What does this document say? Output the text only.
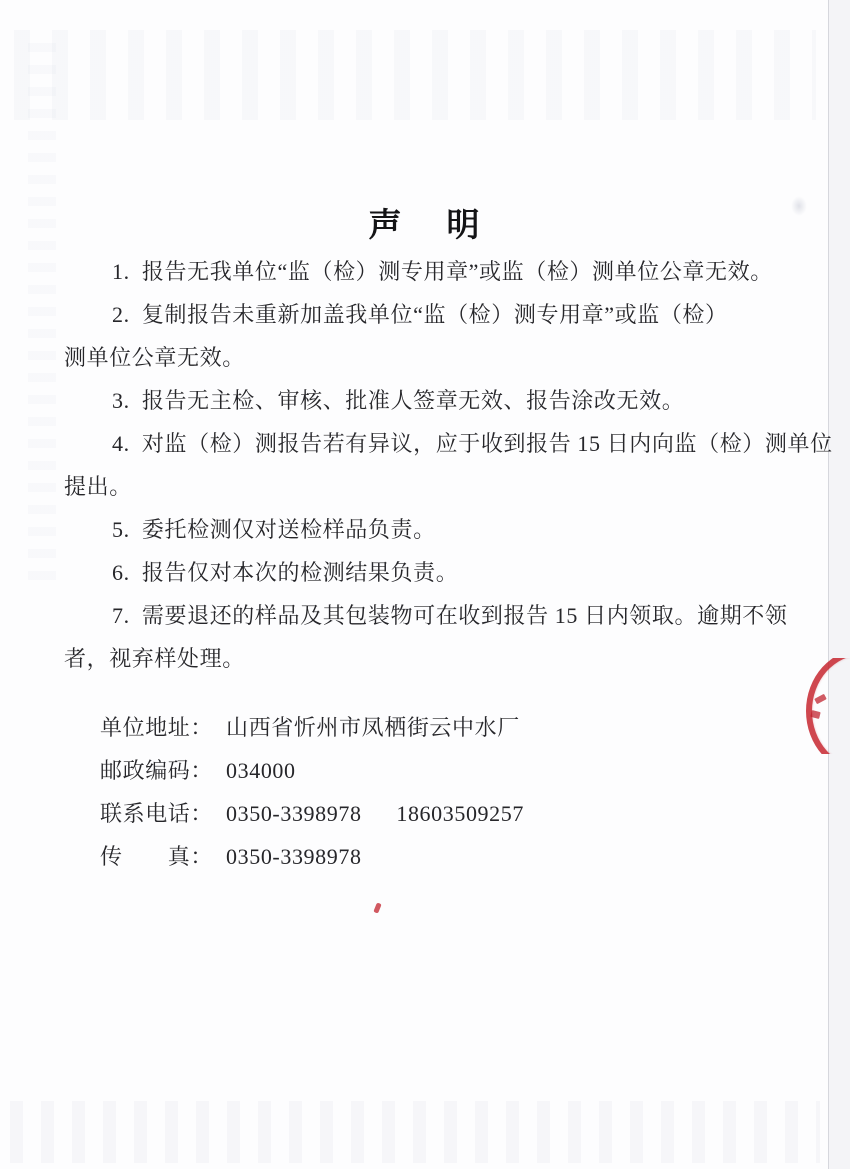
声　明
1.  报告无我单位“监（检）测专用章”或监（检）测单位公章无效。
2.  复制报告未重新加盖我单位“监（检）测专用章”或监（检）
测单位公章无效。
3.  报告无主检、审核、批准人签章无效、报告涂改无效。
4.  对监（检）测报告若有异议，应于收到报告 15 日内向监（检）测单位
提出。
5.  委托检测仅对送检样品负责。
6.  报告仅对本次的检测结果负责。
7.  需要退还的样品及其包装物可在收到报告 15 日内领取。逾期不领
者，视弃样处理。
单位地址： 山西省忻州市凤栖街云中水厂
邮政编码： 034000
联系电话： 0350-3398978　  18603509257
传　　真： 0350-3398978
